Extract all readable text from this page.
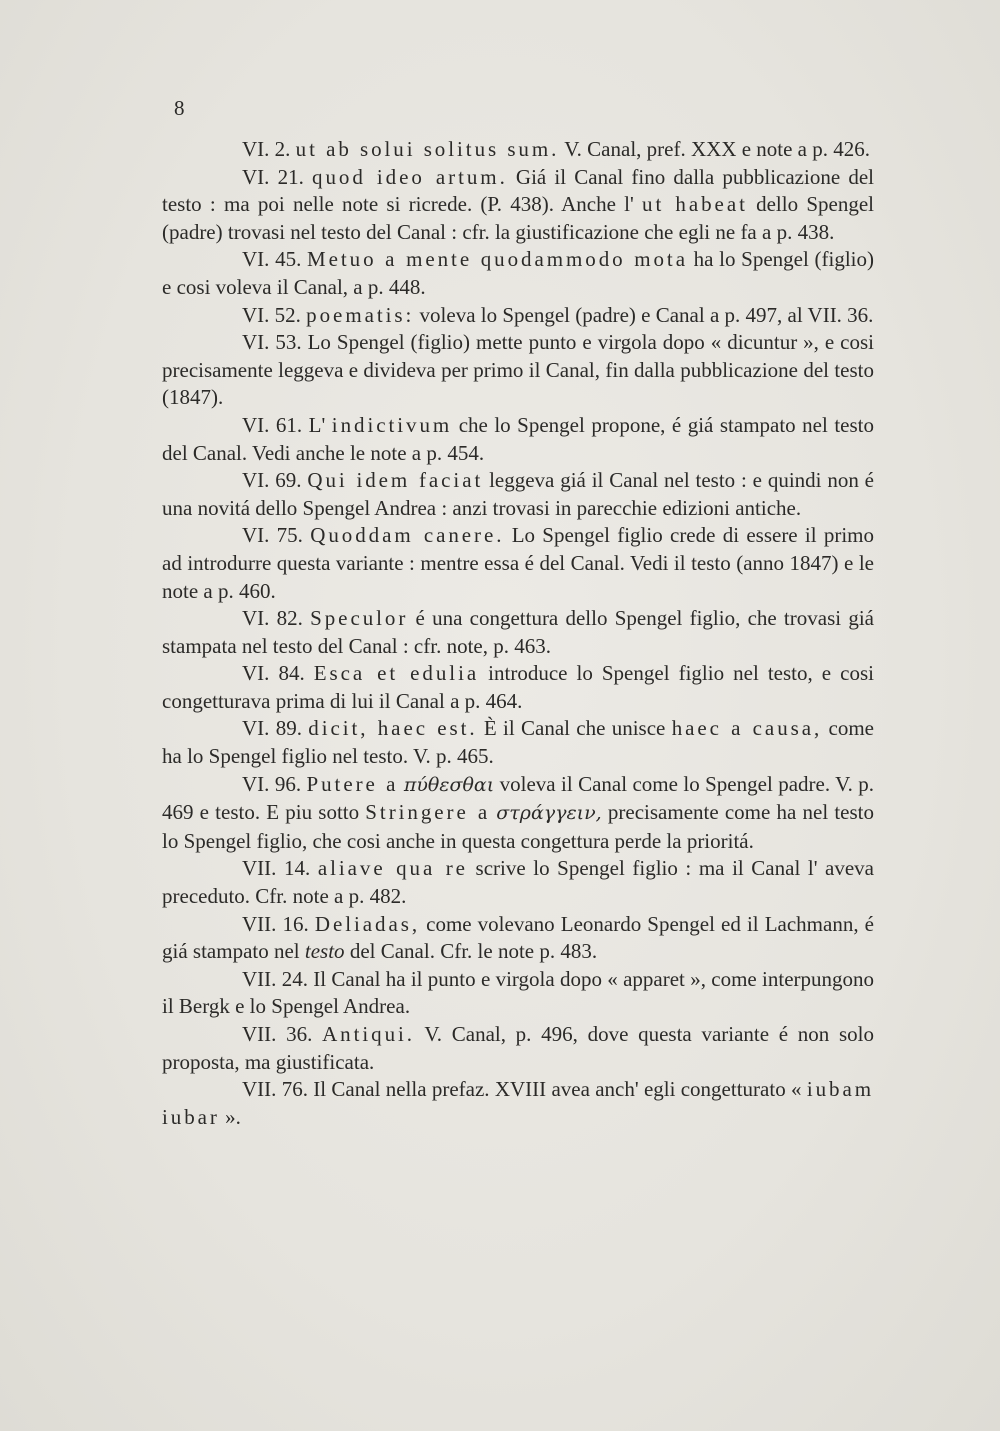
8

VI. 2. ut ab solui solitus sum. V. Canal, pref. XXX e note a p. 426.

VI. 21. quod ideo artum. Giá il Canal fino dalla pubblicazione del testo : ma poi nelle note si ricrede. (P. 438). Anche l' ut habeat dello Spengel (padre) trovasi nel testo del Canal : cfr. la giustificazione che egli ne fa a p. 438.

VI. 45. Metuo a mente quodammodo mota ha lo Spengel (figlio) e cosi voleva il Canal, a p. 448.

VI. 52. poematis: voleva lo Spengel (padre) e Canal a p. 497, al VII. 36.

VI. 53. Lo Spengel (figlio) mette punto e virgola dopo « dicuntur », e cosi precisamente leggeva e divideva per primo il Canal, fin dalla pubblicazione del testo (1847).

VI. 61. L' indictivum che lo Spengel propone, é giá stampato nel testo del Canal. Vedi anche le note a p. 454.

VI. 69. Qui idem faciat leggeva giá il Canal nel testo : e quindi non é una novitá dello Spengel Andrea : anzi trovasi in parecchie edizioni antiche.

VI. 75. Quoddam canere. Lo Spengel figlio crede di essere il primo ad introdurre questa variante : mentre essa é del Canal. Vedi il testo (anno 1847) e le note a p. 460.

VI. 82. Speculor é una congettura dello Spengel figlio, che trovasi giá stampata nel testo del Canal : cfr. note, p. 463.

VI. 84. Esca et edulia introduce lo Spengel figlio nel testo, e cosi congetturava prima di lui il Canal a p. 464.

VI. 89. dicit, haec est. È il Canal che unisce haec a causa, come ha lo Spengel figlio nel testo. V. p. 465.

VI. 96. Putere a πύθεσθαι voleva il Canal come lo Spengel padre. V. p. 469 e testo. E piu sotto Stringere a στράγγειν, precisamente come ha nel testo lo Spengel figlio, che cosi anche in questa congettura perde la prioritá.

VII. 14. aliave qua re scrive lo Spengel figlio : ma il Canal l' aveva preceduto. Cfr. note a p. 482.

VII. 16. Deliadas, come volevano Leonardo Spengel ed il Lachmann, é giá stampato nel testo del Canal. Cfr. le note p. 483.

VII. 24. Il Canal ha il punto e virgola dopo « apparet », come interpungono il Bergk e lo Spengel Andrea.

VII. 36. Antiqui. V. Canal, p. 496, dove questa variante é non solo proposta, ma giustificata.

VII. 76. Il Canal nella prefaz. XVIII avea anch' egli congetturato « iubam iubar ».
